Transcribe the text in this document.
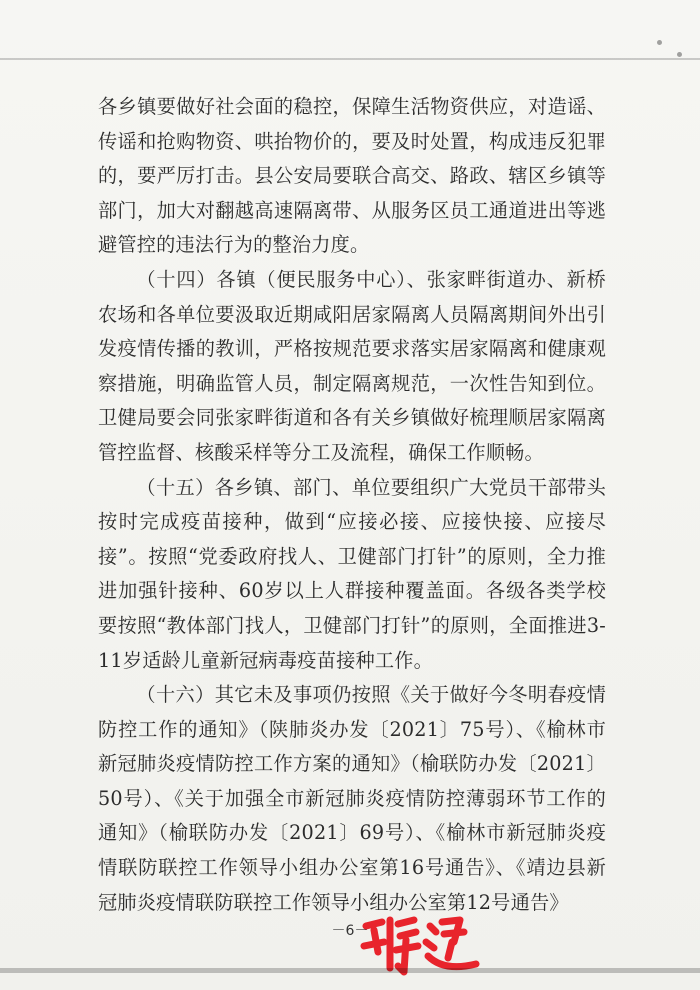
各乡镇要做好社会面的稳控，保障生活物资供应，对造谣、传谣和抢购物资、哄抬物价的，要及时处置，构成违反犯罪的，要严厉打击。县公安局要联合高交、路政、辖区乡镇等部门，加大对翻越高速隔离带、从服务区员工通道进出等逃避管控的违法行为的整治力度。

（十四）各镇（便民服务中心）、张家畔街道办、新桥农场和各单位要汲取近期咸阳居家隔离人员隔离期间外出引发疫情传播的教训，严格按规范要求落实居家隔离和健康观察措施，明确监管人员，制定隔离规范，一次性告知到位。卫健局要会同张家畔街道和各有关乡镇做好梳理顺居家隔离管控监督、核酸采样等分工及流程，确保工作顺畅。

（十五）各乡镇、部门、单位要组织广大党员干部带头按时完成疫苗接种，做到“应接必接、应接快接、应接尽接”。按照“党委政府找人、卫健部门打针”的原则，全力推进加强针接种、60岁以上人群接种覆盖面。各级各类学校要按照“教体部门找人，卫健部门打针”的原则，全面推进3-11岁适龄儿童新冠病毒疫苗接种工作。

（十六）其它未及事项仍按照《关于做好今冬明春疫情防控工作的通知》（陕肺炎办发〔2021〕75号）、《榆林市新冠肺炎疫情防控工作方案的通知》（榆联防办发〔2021〕50号）、《关于加强全市新冠肺炎疫情防控薄弱环节工作的通知》（榆联防办发〔2021〕69号）、《榆林市新冠肺炎疫情联防联控工作领导小组办公室第16号通告》、《靖边县新冠肺炎疫情联防联控工作领导小组办公室第12号通告》

－6－
